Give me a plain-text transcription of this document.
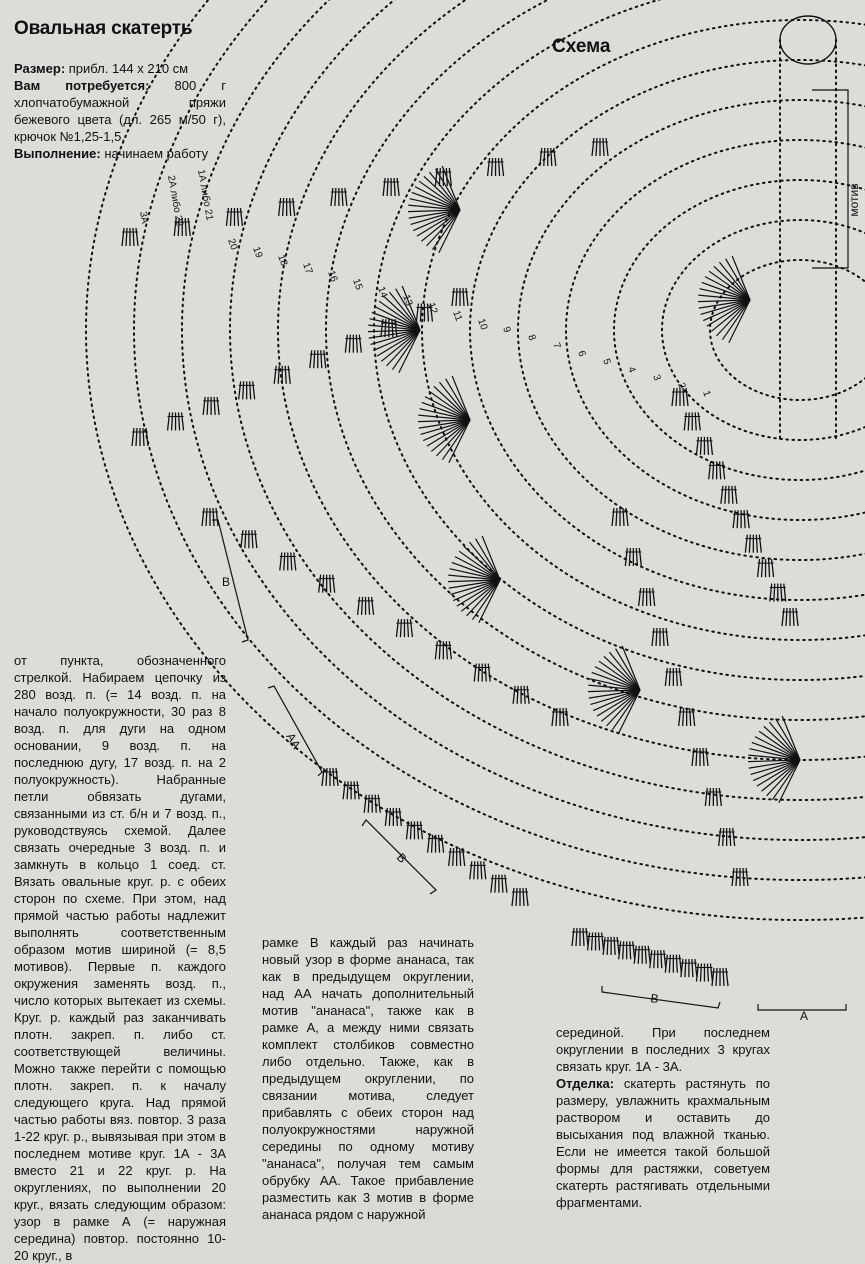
Овальная скатерть
Схема
Размер: прибл. 144 х 210 см
Вам потребуется: 800 г хлопчатобумажной пряжи бежевого цвета (дл. 265 м/50 г), крючок №1,25-1,5.
Выполнение: начинаем работу
мотив
В
АА
В
В
А
3А 2А либо 22 1А либо 21
20
19
18
17
16
15
14
13
12
11
10 9
8
7
6
5
4
3
2
1
от пункта, обозначенного стрелкой. Набираем цепочку из 280 возд. п. (= 14 возд. п. на начало полуокружности, 30 раз 8 возд. п. для дуги на одном основании, 9 возд. п. на последнюю дугу, 17 возд. п. на 2 полуокружность). Набранные петли обвязать дугами, связанными из ст. б/н и 7 возд. п., руководствуясь схемой. Далее связать очередные 3 возд. п. и замкнуть в кольцо 1 соед. ст. Вязать овальные круг. р. с обеих сторон по схеме. При этом, над прямой частью работы надлежит выполнять соответственным образом мотив шириной (= 8,5 мотивов). Первые п. каждого окружения заменять возд. п., число которых вытекает из схемы. Круг. р. каждый раз заканчивать плотн. закреп. п. либо ст. соответствующей величины. Можно также перейти с помощью плотн. закреп. п. к началу следующего круга. Над прямой частью работы вяз. повтор. 3 раза 1-22 круг. р., вывязывая при этом в последнем мотиве круг. 1А - 3А вместо 21 и 22 круг. р. На округлениях, по выполнении 20 круг., вязать следующим образом: узор в рамке А (= наружная середина) повтор. постоянно 10-20 круг., в
рамке В каждый раз начинать новый узор в форме ананаса, так как в предыдущем округлении, над АА начать дополнительный мотив "ананаса", также как в рамке А, а между ними связать комплект столбиков совместно либо отдельно. Также, как в предыдущем округлении, по связании мотива, следует прибавлять с обеих сторон над полуокружностями наружной середины по одному мотиву "ананаса", получая тем самым обрубку АА. Такое прибавление разместить как 3 мотив в форме ананаса рядом с наружной
серединой. При последнем округлении в последних 3 кругах связать круг. 1А - 3А.
Отделка: скатерть растянуть по размеру, увлажнить крахмальным раствором и оставить до высыхания под влажной тканью. Если не имеется такой большой формы для растяжки, советуем скатерть растягивать отдельными фрагментами.
